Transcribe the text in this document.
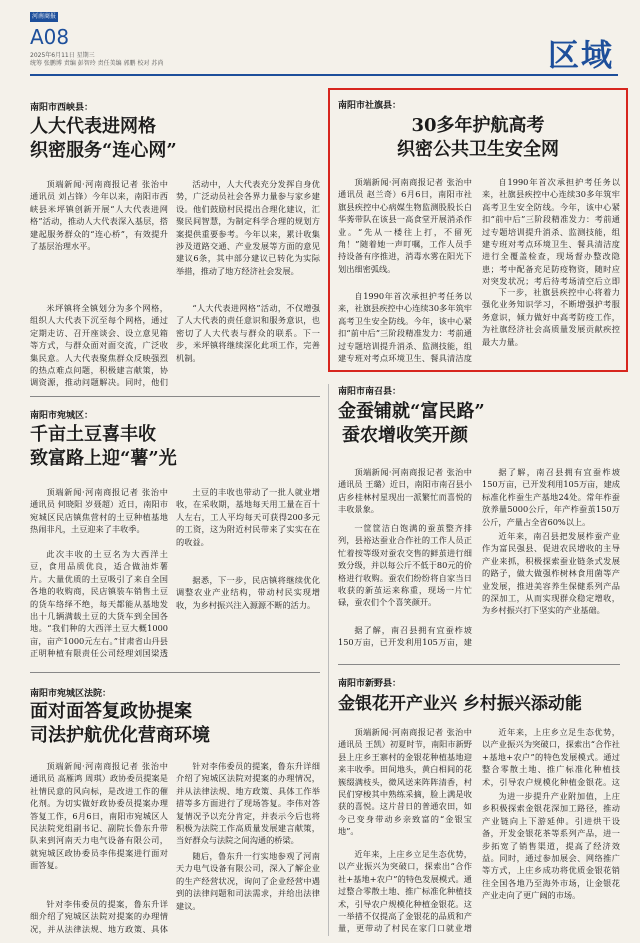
河南商报
A08
2025年6月11日 星期三
统筹 张鹏博 责编 彭智玲 责任美编 郭鹏 校对 苏尚	区域
南阳市西峡县：
人大代表进网格
织密服务“连心网”

顶端新闻·河南商报记者 张治中 通讯员 刘占锋）今年以来，南阳市西峡县米坪镇创新开展“人大代表进网格”活动，推动人大代表深入基层，搭建起服务群众的“连心桥”，有效提升了基层治理水平。

米坪镇将全镇划分为多个网格，组织人大代表下沉至每个网格，通过定期走访、召开座谈会、设立意见箱等方式，与群众面对面交流，广泛收集民意。人大代表聚焦群众反映强烈的热点难点问题，积极建言献策，协调资源，推动问题解决。同时，他们

活动中，人大代表充分发挥自身优势，广泛动员社会各界力量参与家乡建设。他们鼓励村民提出合理化建议，汇聚民间智慧，为制定科学合理的规划方案提供重要参考。今年以来，累计收集涉及道路交通、产业发展等方面的意见建议6条，其中部分建议已转化为实际举措，推动了地方经济社会发展。

“人大代表进网格”活动，不仅增强了人大代表的责任意识和服务意识，也密切了人大代表与群众的联系。下一步，米坪镇将继续深化此项工作，完善机制。

南阳市社旗县：
30多年护航高考
织密公共卫生安全网

顶端新闻·河南商报记者 张治中 通讯员 赵兰奇）6月6日，南阳市社旗县疾控中心病媒生物监测股股长白华莠带队在该县一高食堂开展消杀作业。“先从一楼往上打，不留死角！”随着她一声叮嘱，工作人员手持设备有序推进，消毒水雾在阳光下划出细密弧线。

自1990年首次承担护考任务以来，社旗县疾控中心连续30多年筑牢高考卫生安全防线。今年，该中心紧扣“前中后”三阶段精准发力：考前通过专题培训提升消杀、监测技能，组建专班对考点环境卫生、餐具清洁度

自1990年首次承担护考任务以来，社旗县疾控中心连续30多年筑牢高考卫生安全防线。今年，该中心紧扣“前中后”三阶段精准发力：考前通过专题培训提升消杀、监测技能，组建专班对考点环境卫生、餐具清洁度进行全覆盖检查，现场督办整改隐患；考中配备充足防疫物资，随时应对突发状况；考后待考场清空后立即

下一步，社旗县疾控中心将着力强化业务知识学习，不断增强护考服务意识，倾力做好中高考防疫工作，为社旗经济社会高质量发展贡献疾控最大力量。

南阳市宛城区：
千亩土豆喜丰收
致富路上迎“薯”光

顶端新闻·河南商报记者 张治中 通讯员 何晓阳 岁聂超）近日，南阳市宛城区民店镇焦营村的土豆种植基地热闹非凡，土豆迎来了丰收季。

此次丰收的土豆名为大西洋土豆，食用品质优良，适合做油炸薯片。大量优质的土豆吸引了来自全国各地的收购商，民店镇装车销售土豆的货车络绎不绝，每天都能从基地发出十几辆满载土豆的大货车到全国各地。“我们种的大西洋土豆大概1000亩，亩产1000元左右。”甘肃省山丹县正明种植有限责任公司经理刘国梁透

土豆的丰收也带动了一批人就业增收，在采收期，基地每天用工量在百十人左右，工人平均每天可获得200多元的工资，这为附近村民带来了实实在在的收益。

据悉，下一步，民店镇将继续优化调整农业产业结构，带动村民实现增收，为乡村振兴注入源源不断的活力。

南阳市南召县：
金蚕铺就“富民路”
蚕农增收笑开颜

顶端新闻·河南商报记者 张治中 通讯员 王璐）近日，南阳市南召县小店乡桂林村星现出一派繁忙而喜悦的丰收景象。

一筐筐洁白饱满的蚕茧整齐排列，县裕达蚕业合作社的工作人员正忙着按等级对蚕农交售的鲜茧进行细致分级，并以每公斤不低于80元的价格进行收购。蚕农们纷纷将自家当日收获的新茧运来称重，现场一片忙碌，蚕农们个个喜笑颜开。

据了解，南召县拥有宜蚕柞坡150万亩，已开发利用105万亩，建

据了解，南召县拥有宜蚕柞坡150万亩，已开发利用105万亩，建成标准化柞蚕生产基地24处。常年柞蚕放养量5000公斤，年产柞蚕茧150万公斤，产量占全省60%以上。

近年来，南召县把发展柞蚕产业作为富民强县、促进农民增收的主导产业来抓，积极探索蚕业链条式发展的路子，做大做强柞树林食用菌等产业发展，推进美容养生保健系列产品的深加工，从而实现群众稳定增收，为乡村振兴打下坚实的产业基础。

南阳市宛城区法院：
面对面答复政协提案
司法护航优化营商环境

顶端新闻·河南商报记者 张治中 通讯员 高雁鸿 周琪）政协委员提案是社情民意的风向标，是改进工作的催化剂。为切实做好政协委员提案办理答复工作，6月6日，南阳市宛城区人民法院党组副书记、副院长鲁东升带队来到河南天力电气设备有限公司，就宛城区政协委员李伟提案进行面对面答复。

针对李伟委员的提案，鲁东升详细介绍了宛城区法院对提案的办理情况，并从法律法规、地方政策、具体

针对李伟委员的提案，鲁东升详细介绍了宛城区法院对提案的办理情况，并从法律法规、地方政策、具体工作举措等多方面进行了现场答复。李伟对答复情况予以充分肯定，并表示今后也将积极为法院工作高质量发展建言献策，当好群众与法院之间沟通的桥梁。

随后，鲁东升一行实地参观了河南天力电气设备有限公司，深入了解企业的生产经营状况，询问了企业经营中遇到的法律问题和司法需求，并给出法律建议。

南阳市新野县：
金银花开产业兴 乡村振兴添动能

顶端新闻·河南商报记者 张治中 通讯员 王凯）初夏时节，南阳市新野县上庄乡王寨村的金银花种植基地迎来丰收季。田间地头，黄白相间的花簇缀满枝头，微风送来阵阵清香，村民们穿梭其中熟练采摘，脸上满是收获的喜悦。这片昔日的普通农田，如今已变身带动乡亲致富的“金银宝地”。

近年来，上庄乡立足生态优势，以产业振兴为突破口，探索出“合作社+基地+农户”的特色发展模式。通过整合零散土地、推广标准化种植技术，引导农户规模化种植金银花。这一举措不仅提高了金银花的品质和产量，更带动了村民在家门口就业增

近年来，上庄乡立足生态优势，以产业振兴为突破口，探索出“合作社+基地+农户”的特色发展模式。通过整合零散土地、推广标准化种植技术，引导农户规模化种植金银花。这

为进一步提升产业附加值，上庄乡积极探索金银花深加工路径，推动产业链向上下游延伸。引进烘干设备，开发金银花茶等系列产品，进一步拓宽了销售渠道，提高了经济效益。同时，通过参加展会、网络推广等方式，上庄乡成功将优质金银花销往全国各地乃至海外市场，让金银花产业走向了更广阔的市场。
